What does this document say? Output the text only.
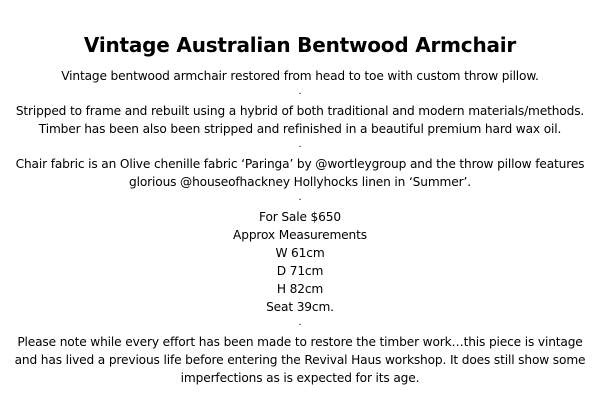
Vintage Australian Bentwood Armchair
Vintage bentwood armchair restored from head to toe with custom throw pillow.
.
Stripped to frame and rebuilt using a hybrid of both traditional and modern materials/methods.
Timber has been also been stripped and refinished in a beautiful premium hard wax oil.
.
Chair fabric is an Olive chenille fabric ‘Paringa’ by @wortleygroup and the throw pillow features
glorious @houseofhackney Hollyhocks linen in ‘Summer’.
.
For Sale $650
Approx Measurements
W 61cm
D 71cm
H 82cm
Seat 39cm.
.
Please note while every effort has been made to restore the timber work…this piece is vintage
and has lived a previous life before entering the Revival Haus workshop. It does still show some
imperfections as is expected for its age.
